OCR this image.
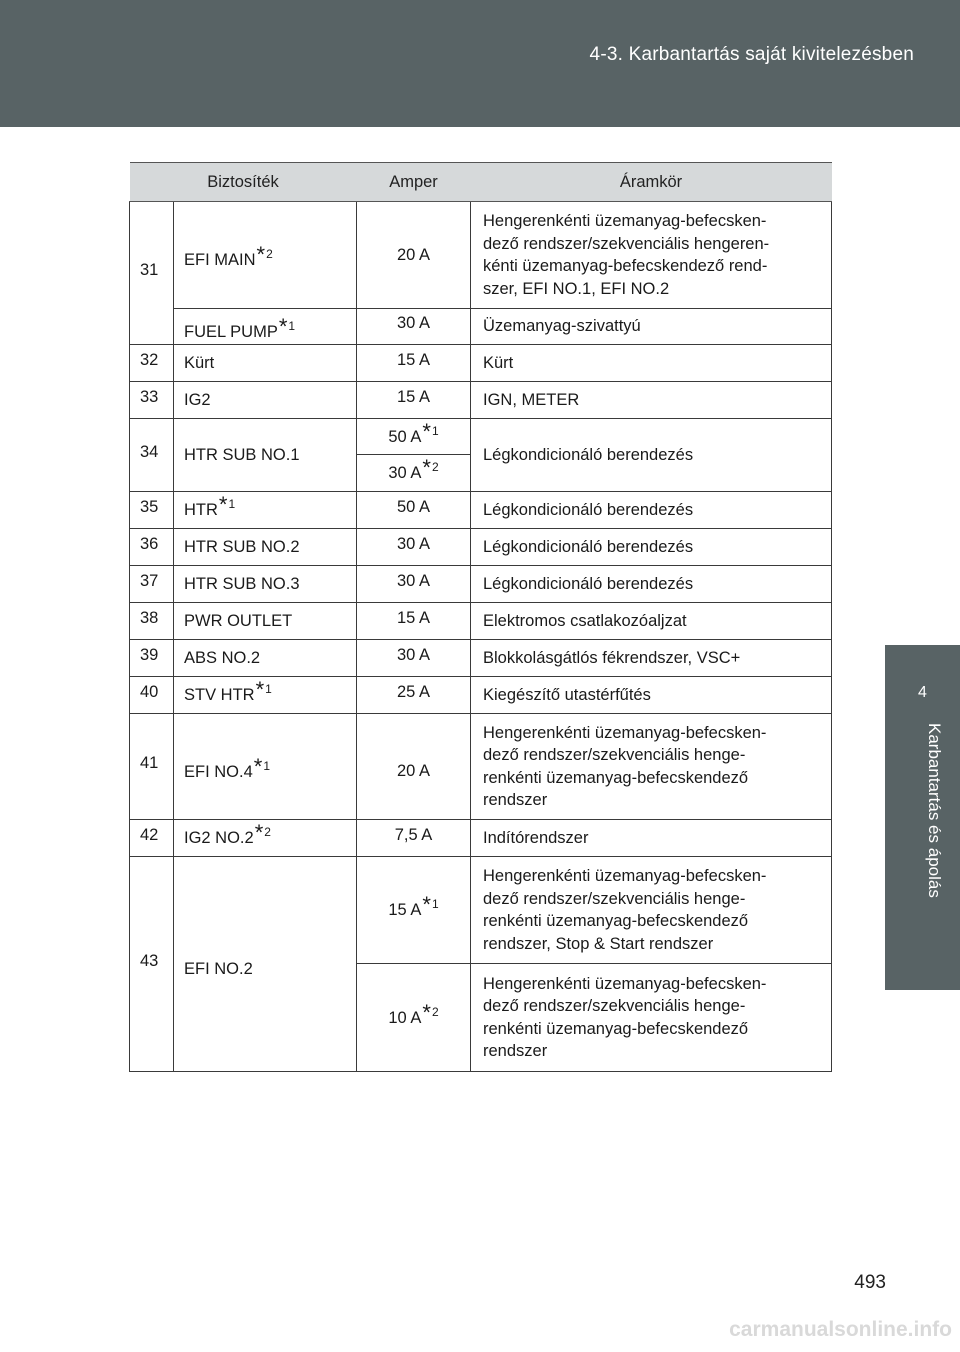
4-3. Karbantartás saját kivitelezésben
4
Karbantartás és ápolás
Biztosíték		Amper	Áramkör
31	EFI MAIN*$^2$	20 A	Hengerenkénti üzemanyag-befecsken-
dező rendszer/szekvenciális hengeren-
kénti üzemanyag-befecskendező rend-
szer, EFI NO.1, EFI NO.2
	FUEL PUMP*$^1$	30 A	Üzemanyag-szivattyú
32	Kürt	15 A	Kürt
33	IG2	15 A	IGN, METER
34	HTR SUB NO.1	50 A*$^1$	Légkondicionáló berendezés
		30 A*$^2$
35	HTR*$^1$	50 A	Légkondicionáló berendezés
36	HTR SUB NO.2	30 A	Légkondicionáló berendezés
37	HTR SUB NO.3	30 A	Légkondicionáló berendezés
38	PWR OUTLET	15 A	Elektromos csatlakozóaljzat
39	ABS NO.2	30 A	Blokkolásgátlós fékrendszer, VSC+
40	STV HTR*$^1$	25 A	Kiegészítő utastérfűtés
41	EFI NO.4*$^1$	20 A	Hengerenkénti üzemanyag-befecsken-
dező rendszer/szekvenciális henge-
renkénti üzemanyag-befecskendező
rendszer
42	IG2 NO.2*$^2$	7,5 A	Indítórendszer
43	EFI NO.2	15 A*$^1$	Hengerenkénti üzemanyag-befecsken-
dező rendszer/szekvenciális henge-
renkénti üzemanyag-befecskendező
rendszer, Stop & Start rendszer
		10 A*$^2$	Hengerenkénti üzemanyag-befecsken-
dező rendszer/szekvenciális henge-
renkénti üzemanyag-befecskendező
rendszer
493
carmanualsonline.info
